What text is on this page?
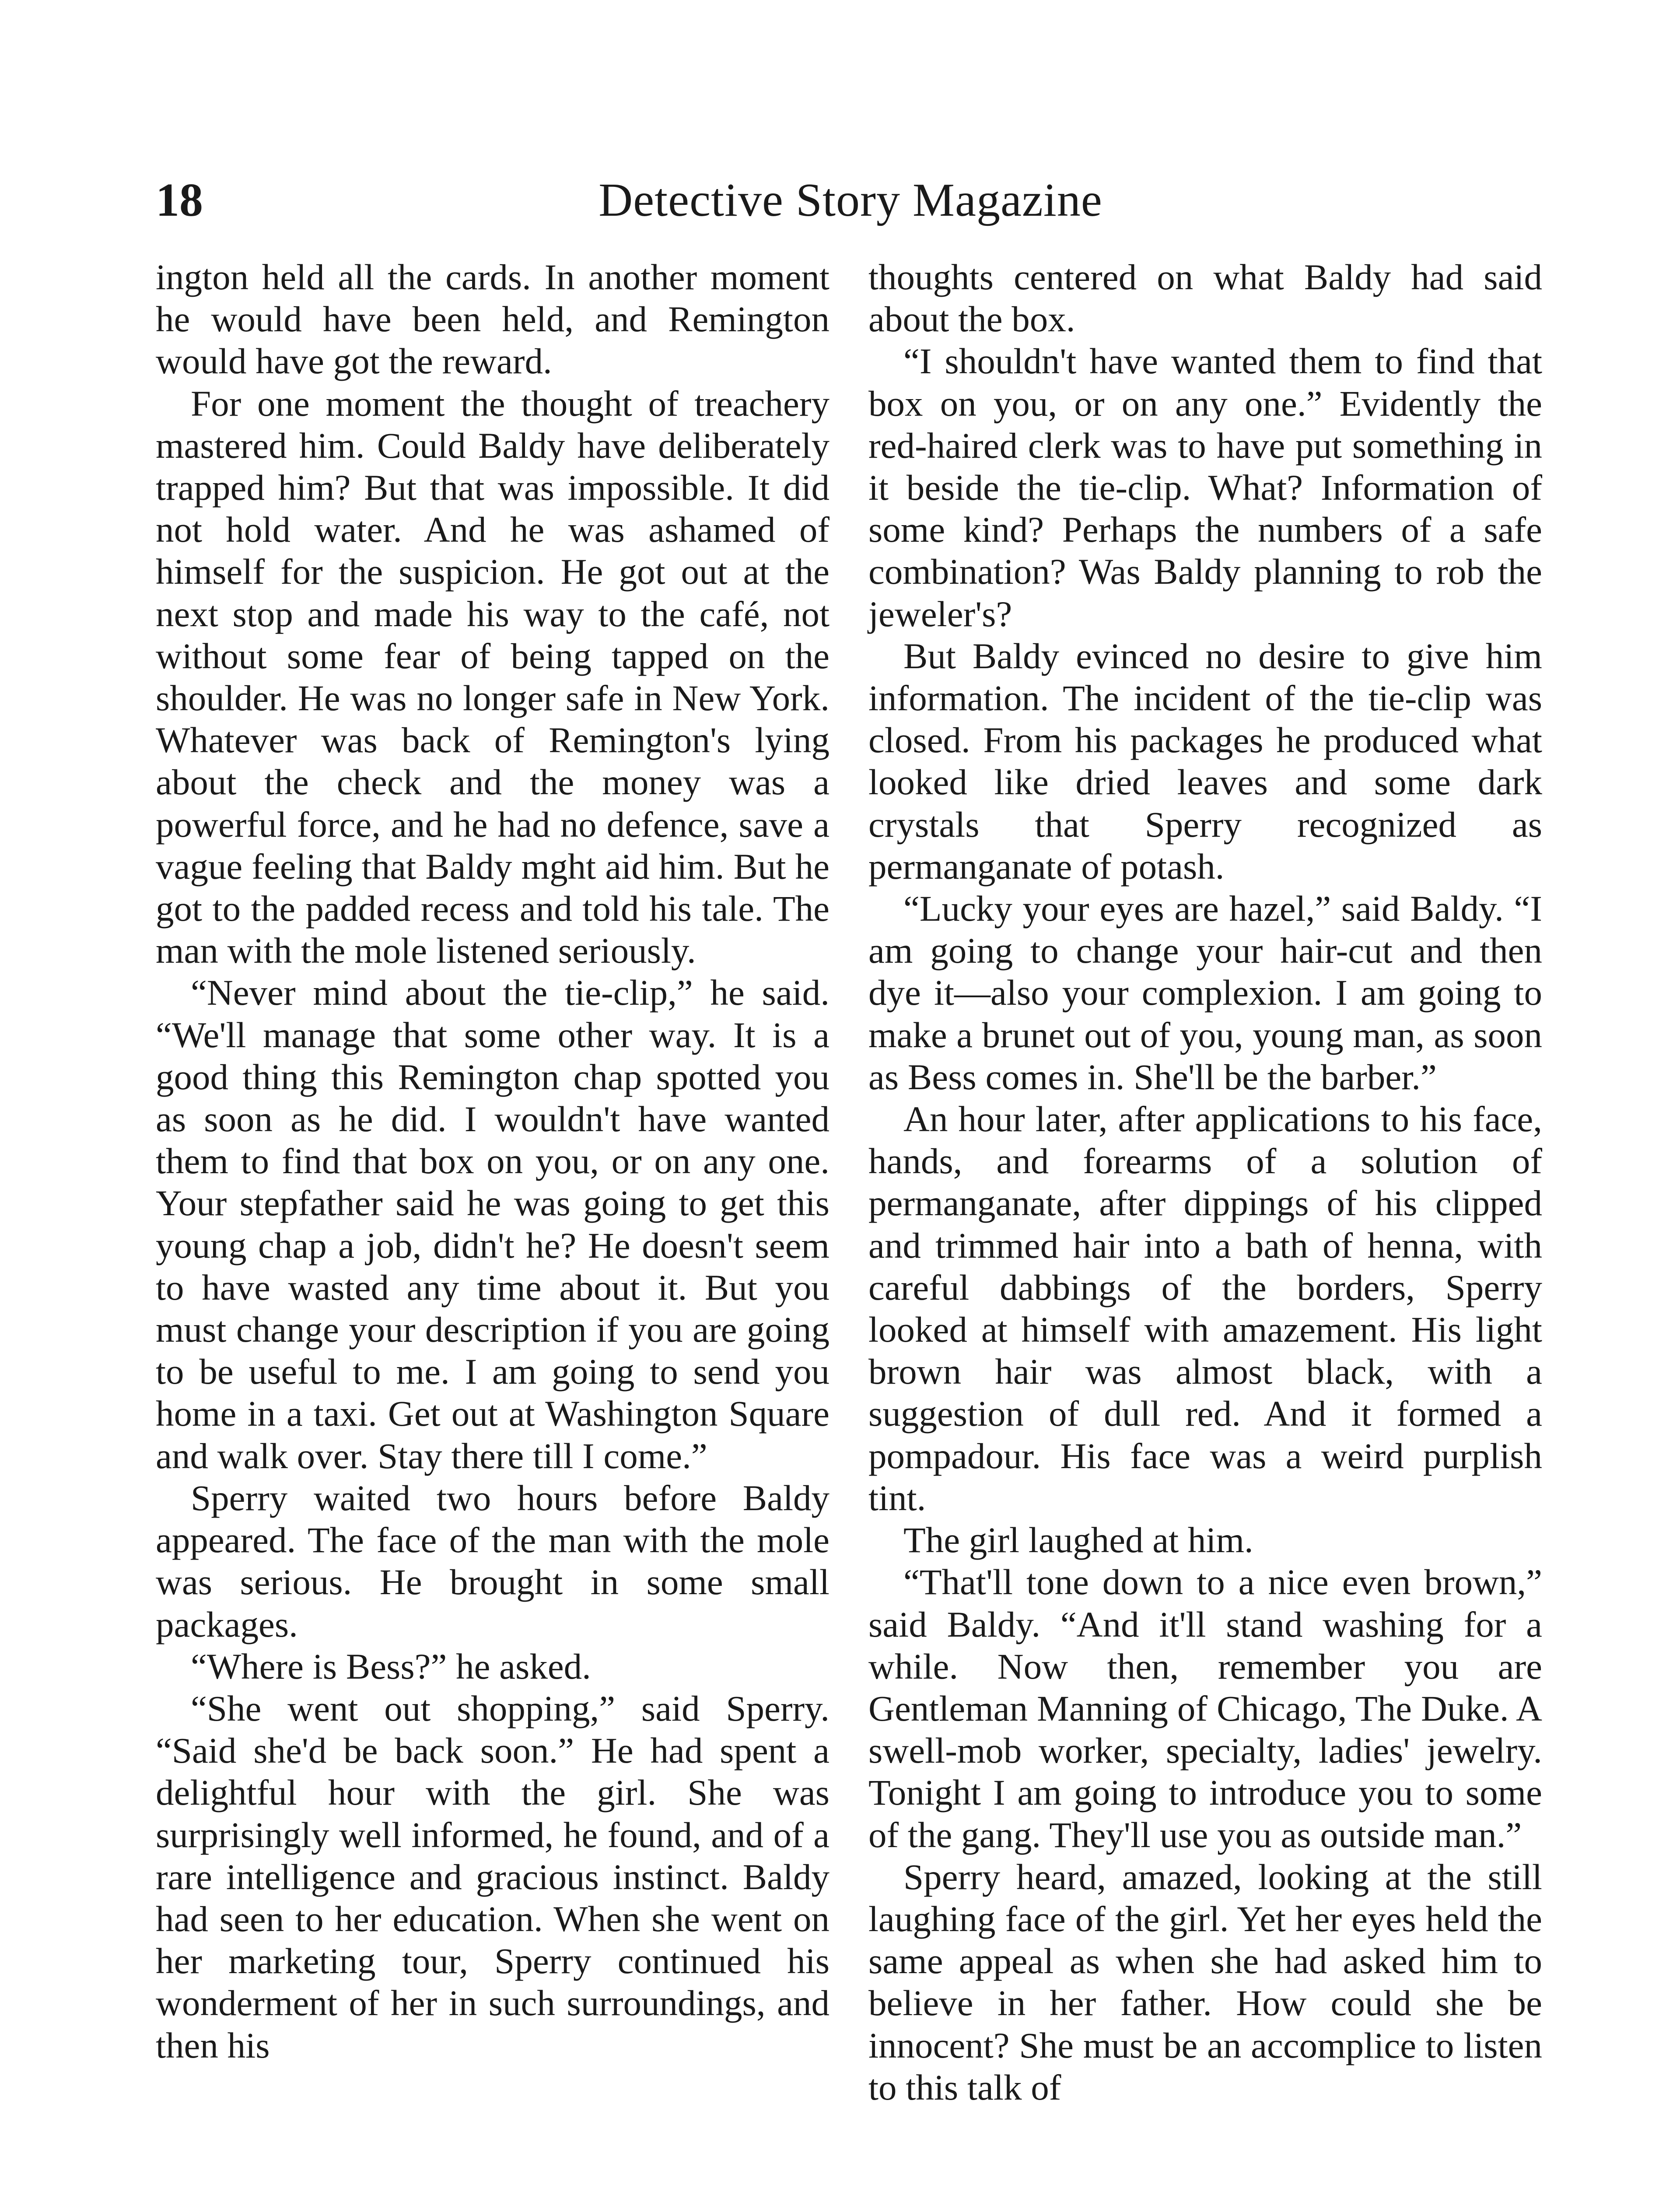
18	Detective Story Magazine

ington held all the cards. In another moment he would have been held, and Remington would have got the reward.

For one moment the thought of treachery mastered him. Could Baldy have deliberately trapped him? But that was impossible. It did not hold water. And he was ashamed of himself for the suspicion. He got out at the next stop and made his way to the café, not without some fear of being tapped on the shoulder. He was no longer safe in New York. Whatever was back of Remington's lying about the check and the money was a powerful force, and he had no defence, save a vague feeling that Baldy mght aid him. But he got to the padded recess and told his tale. The man with the mole listened seriously.

“Never mind about the tie-clip,” he said. “We'll manage that some other way. It is a good thing this Remington chap spotted you as soon as he did. I wouldn't have wanted them to find that box on you, or on any one. Your stepfather said he was going to get this young chap a job, didn't he? He doesn't seem to have wasted any time about it. But you must change your description if you are going to be useful to me. I am going to send you home in a taxi. Get out at Washington Square and walk over. Stay there till I come.”

Sperry waited two hours before Baldy appeared. The face of the man with the mole was serious. He brought in some small packages.

“Where is Bess?” he asked.

“She went out shopping,” said Sperry. “Said she'd be back soon.” He had spent a delightful hour with the girl. She was surprisingly well informed, he found, and of a rare intelligence and gracious instinct. Baldy had seen to her education. When she went on her marketing tour, Sperry continued his wonderment of her in such surroundings, and then his

thoughts centered on what Baldy had said about the box.

“I shouldn't have wanted them to find that box on you, or on any one.” Evidently the red-haired clerk was to have put something in it beside the tie-clip. What? Information of some kind? Perhaps the numbers of a safe combination? Was Baldy planning to rob the jeweler's?

But Baldy evinced no desire to give him information. The incident of the tie-clip was closed. From his packages he produced what looked like dried leaves and some dark crystals that Sperry recognized as permanganate of potash.

“Lucky your eyes are hazel,” said Baldy. “I am going to change your hair-cut and then dye it—also your complexion. I am going to make a brunet out of you, young man, as soon as Bess comes in. She'll be the barber.”

An hour later, after applications to his face, hands, and forearms of a solution of permanganate, after dippings of his clipped and trimmed hair into a bath of henna, with careful dabbings of the borders, Sperry looked at himself with amazement. His light brown hair was almost black, with a suggestion of dull red. And it formed a pompadour. His face was a weird purplish tint.

The girl laughed at him.

“That'll tone down to a nice even brown,” said Baldy. “And it'll stand washing for a while. Now then, remember you are Gentleman Manning of Chicago, The Duke. A swell-mob worker, specialty, ladies' jewelry. Tonight I am going to introduce you to some of the gang. They'll use you as outside man.”

Sperry heard, amazed, looking at the still laughing face of the girl. Yet her eyes held the same appeal as when she had asked him to believe in her father. How could she be innocent? She must be an accomplice to listen to this talk of
